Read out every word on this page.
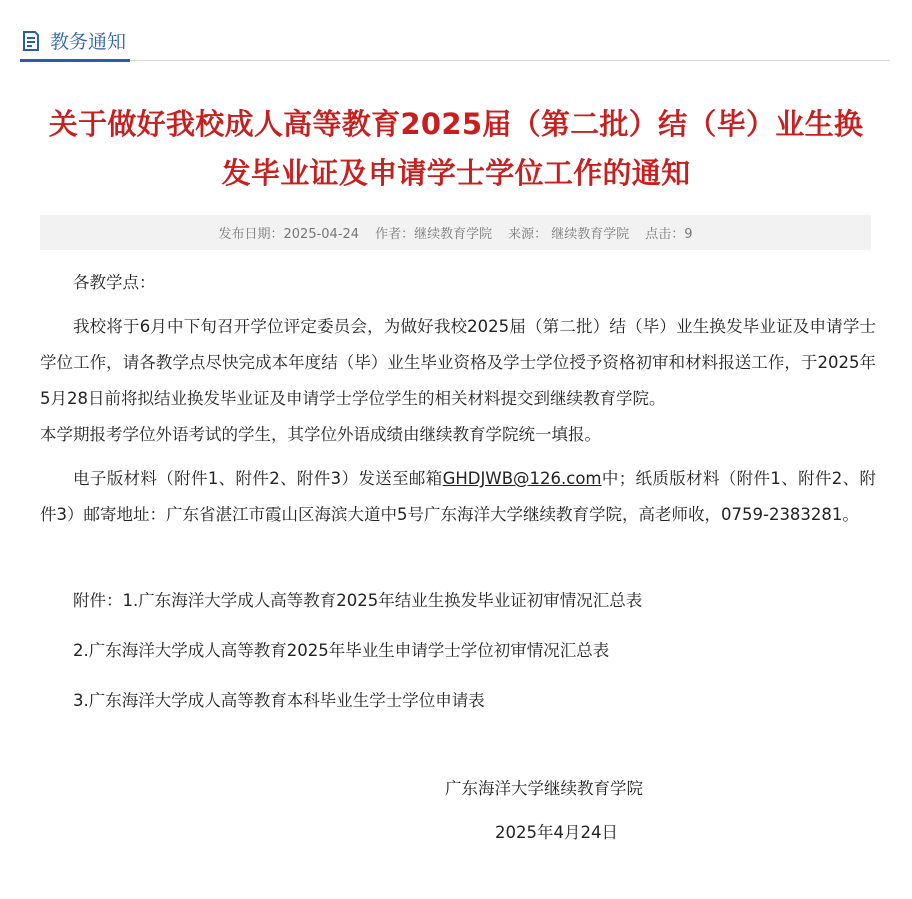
教务通知
关于做好我校成人高等教育2025届（第二批）结（毕）业生换
发毕业证及申请学士学位工作的通知
发布日期：2025-04-24 作者：继续教育学院 来源： 继续教育学院 点击：9

各教学点：

我校将于6月中下旬召开学位评定委员会，为做好我校2025届（第二批）结（毕）业生换发毕业证及申请学士学位工作，请各教学点尽快完成本年度结（毕）业生毕业资格及学士学位授予资格初审和材料报送工作，于2025年5月28日前将拟结业换发毕业证及申请学士学位学生的相关材料提交到继续教育学院。
本学期报考学位外语考试的学生，其学位外语成绩由继续教育学院统一填报。

电子版材料（附件1、附件2、附件3）发送至邮箱GHDJWB@126.com中；纸质版材料（附件1、附件2、附件3）邮寄地址：广东省湛江市霞山区海滨大道中5号广东海洋大学继续教育学院，高老师收，0759-2383281。

附件：1.广东海洋大学成人高等教育2025年结业生换发毕业证初审情况汇总表

2.广东海洋大学成人高等教育2025年毕业生申请学士学位初审情况汇总表

3.广东海洋大学成人高等教育本科毕业生学士学位申请表

广东海洋大学继续教育学院

2025年4月24日
